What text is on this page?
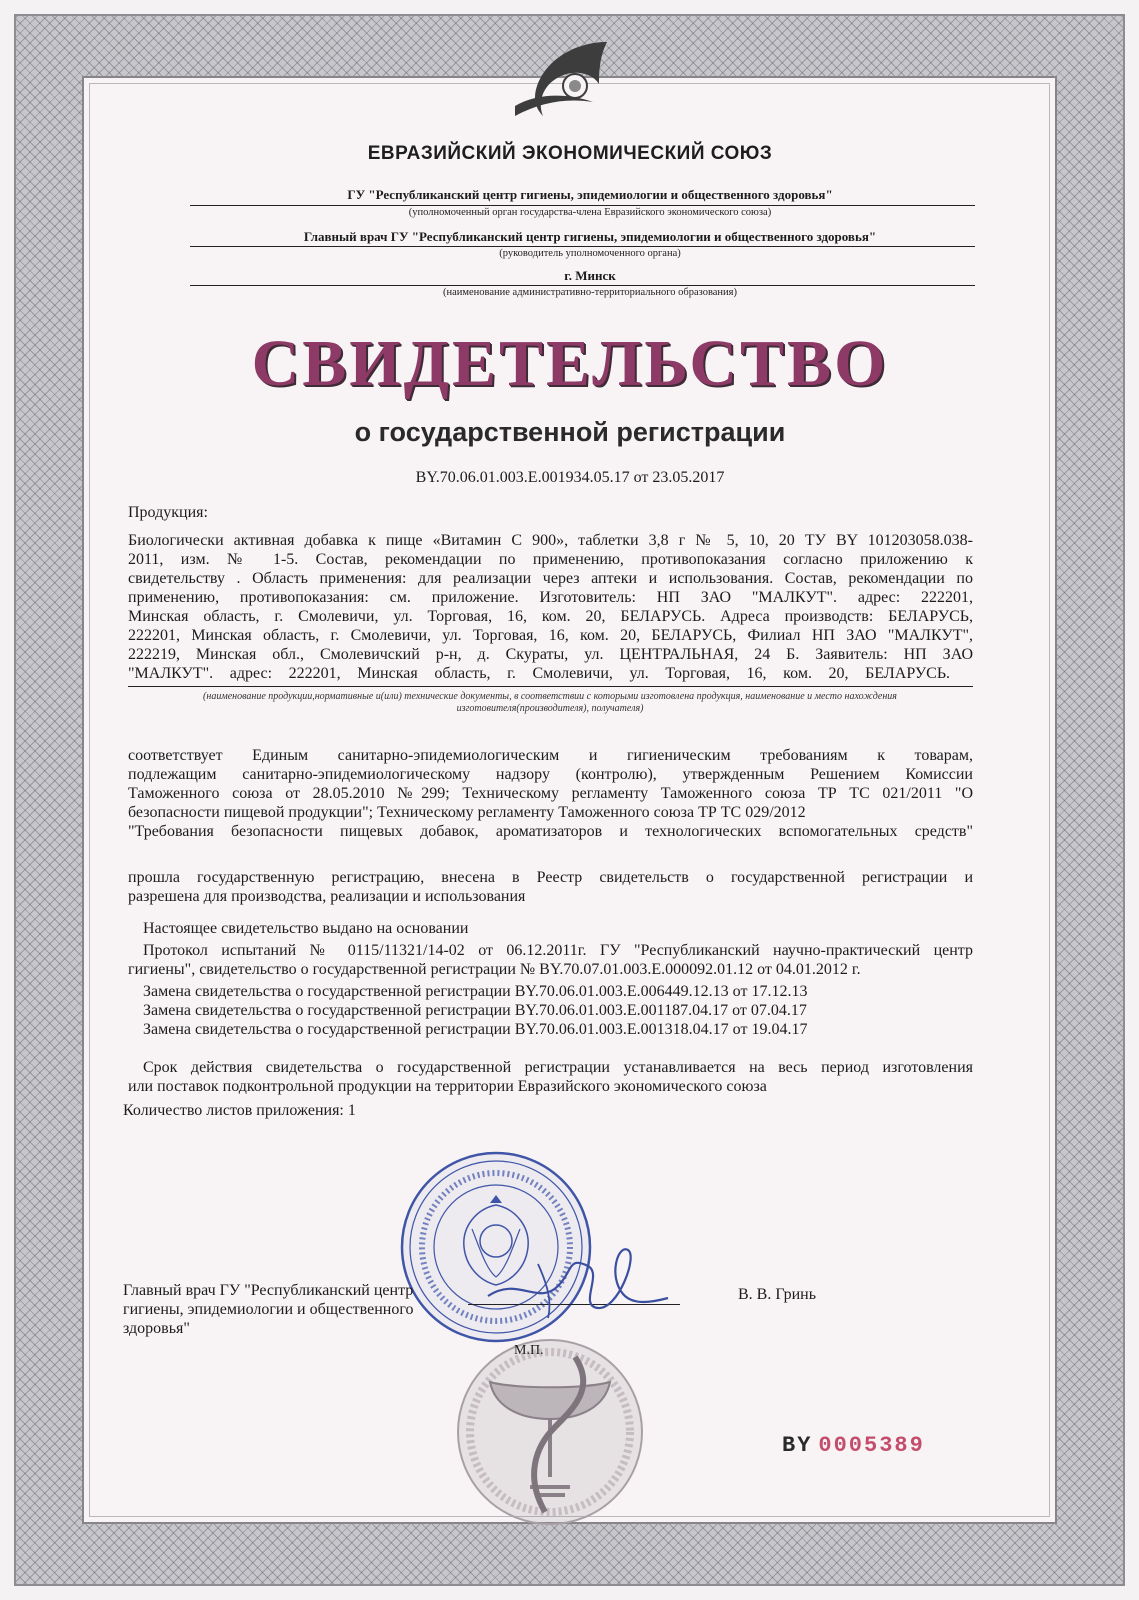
ЕВРАЗИЙСКИЙ ЭКОНОМИЧЕСКИЙ СОЮЗ
ГУ "Республиканский центр гигиены, эпидемиологии и общественного здоровья"
(уполномоченный орган государства-члена Евразийского экономического союза)
Главный врач ГУ "Республиканский центр гигиены, эпидемиологии и общественного здоровья"
(руководитель уполномоченного органа)
г. Минск
(наименование административно-территориального образования)
СВИДЕТЕЛЬСТВО
о государственной регистрации
BY.70.06.01.003.E.001934.05.17 от 23.05.2017
Продукция:
Биологически активная добавка к пище «Витамин С 900», таблетки 3,8 г № 5, 10, 20 ТУ BY 101203058.038-
2011, изм. № 1-5. Состав, рекомендации по применению, противопоказания согласно приложению к
свидетельству . Область применения: для реализации через аптеки и использования. Состав, рекомендации по
применению, противопоказания: см. приложение. Изготовитель: НП ЗАО "МАЛКУТ". адрес: 222201,
Минская область, г. Смолевичи, ул. Торговая, 16, ком. 20, БЕЛАРУСЬ. Адреса производств: БЕЛАРУСЬ,
222201, Минская область, г. Смолевичи, ул. Торговая, 16, ком. 20, БЕЛАРУСЬ, Филиал НП ЗАО "МАЛКУТ",
222219, Минская обл., Смолевичский р-н, д. Скураты, ул. ЦЕНТРАЛЬНАЯ, 24 Б. Заявитель: НП ЗАО
"МАЛКУТ". адрес: 222201, Минская область, г. Смолевичи, ул. Торговая, 16, ком. 20, БЕЛАРУСЬ.
(наименование продукции,нормативные и(или) технические документы, в соответствии с которыми изготовлена продукция, наименование и место нахождения изготовителя(производителя), получателя)
соответствует Единым санитарно-эпидемиологическим и гигиеническим требованиям к товарам,
подлежащим санитарно-эпидемиологическому надзору (контролю), утвержденным Решением Комиссии
Таможенного союза от 28.05.2010 №299; Техническому регламенту Таможенного союза ТР ТС 021/2011 "О
безопасности пищевой продукции"; Техническому регламенту Таможенного союза ТР ТС 029/2012
"Требования безопасности пищевых добавок, ароматизаторов и технологических вспомогательных средств"
прошла государственную регистрацию, внесена в Реестр свидетельств о государственной регистрации и
разрешена для производства, реализации и использования
Настоящее свидетельство выдано на основании
Протокол испытаний № 0115/11321/14-02 от 06.12.2011г. ГУ "Республиканский научно-практический центр
гигиены", свидетельство о государственной регистрации № BY.70.07.01.003.E.000092.01.12 от 04.01.2012 г.
Замена свидетельства о государственной регистрации BY.70.06.01.003.E.006449.12.13 от 17.12.13
Замена свидетельства о государственной регистрации BY.70.06.01.003.E.001187.04.17 от 07.04.17
Замена свидетельства о государственной регистрации BY.70.06.01.003.E.001318.04.17 от 19.04.17
Срок действия свидетельства о государственной регистрации устанавливается на весь период изготовления
или поставок подконтрольной продукции на территории Евразийского экономического союза
Количество листов приложения: 1
Главный врач ГУ "Республиканский центр
гигиены, эпидемиологии и общественного
здоровья"
В. В. Гринь
М.П.
BY 0005389
